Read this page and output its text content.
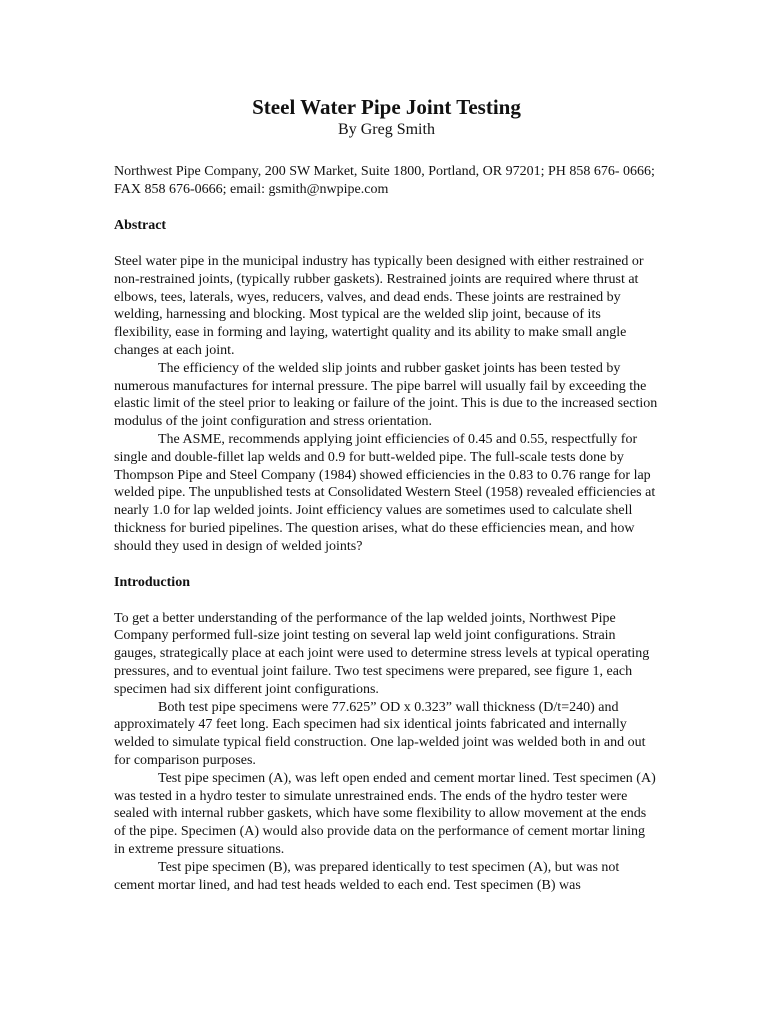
Steel Water Pipe Joint Testing

By Greg Smith

Northwest Pipe Company, 200 SW Market, Suite 1800, Portland, OR 97201; PH 858 676- 0666; FAX 858 676-0666; email: gsmith@nwpipe.com

Abstract

Steel water pipe in the municipal industry has typically been designed with either restrained or non-restrained joints, (typically rubber gaskets). Restrained joints are required where thrust at elbows, tees, laterals, wyes, reducers, valves, and dead ends. These joints are restrained by welding, harnessing and blocking. Most typical are the welded slip joint, because of its flexibility, ease in forming and laying, watertight quality and its ability to make small angle changes at each joint.

The efficiency of the welded slip joints and rubber gasket joints has been tested by numerous manufactures for internal pressure. The pipe barrel will usually fail by exceeding the elastic limit of the steel prior to leaking or failure of the joint. This is due to the increased section modulus of the joint configuration and stress orientation.

The ASME, recommends applying joint efficiencies of 0.45 and 0.55, respectfully for single and double-fillet lap welds and 0.9 for butt-welded pipe. The full-scale tests done by Thompson Pipe and Steel Company (1984) showed efficiencies in the 0.83 to 0.76 range for lap welded pipe. The unpublished tests at Consolidated Western Steel (1958) revealed efficiencies at nearly 1.0 for lap welded joints. Joint efficiency values are sometimes used to calculate shell thickness for buried pipelines. The question arises, what do these efficiencies mean, and how should they used in design of welded joints?

Introduction

To get a better understanding of the performance of the lap welded joints, Northwest Pipe Company performed full-size joint testing on several lap weld joint configurations. Strain gauges, strategically place at each joint were used to determine stress levels at typical operating pressures, and to eventual joint failure. Two test specimens were prepared, see figure 1, each specimen had six different joint configurations.

Both test pipe specimens were 77.625” OD x 0.323” wall thickness (D/t=240) and approximately 47 feet long. Each specimen had six identical joints fabricated and internally welded to simulate typical field construction. One lap-welded joint was welded both in and out for comparison purposes.

Test pipe specimen (A), was left open ended and cement mortar lined. Test specimen (A) was tested in a hydro tester to simulate unrestrained ends. The ends of the hydro tester were sealed with internal rubber gaskets, which have some flexibility to allow movement at the ends of the pipe. Specimen (A) would also provide data on the performance of cement mortar lining in extreme pressure situations.

Test pipe specimen (B), was prepared identically to test specimen (A), but was not cement mortar lined, and had test heads welded to each end. Test specimen (B) was
